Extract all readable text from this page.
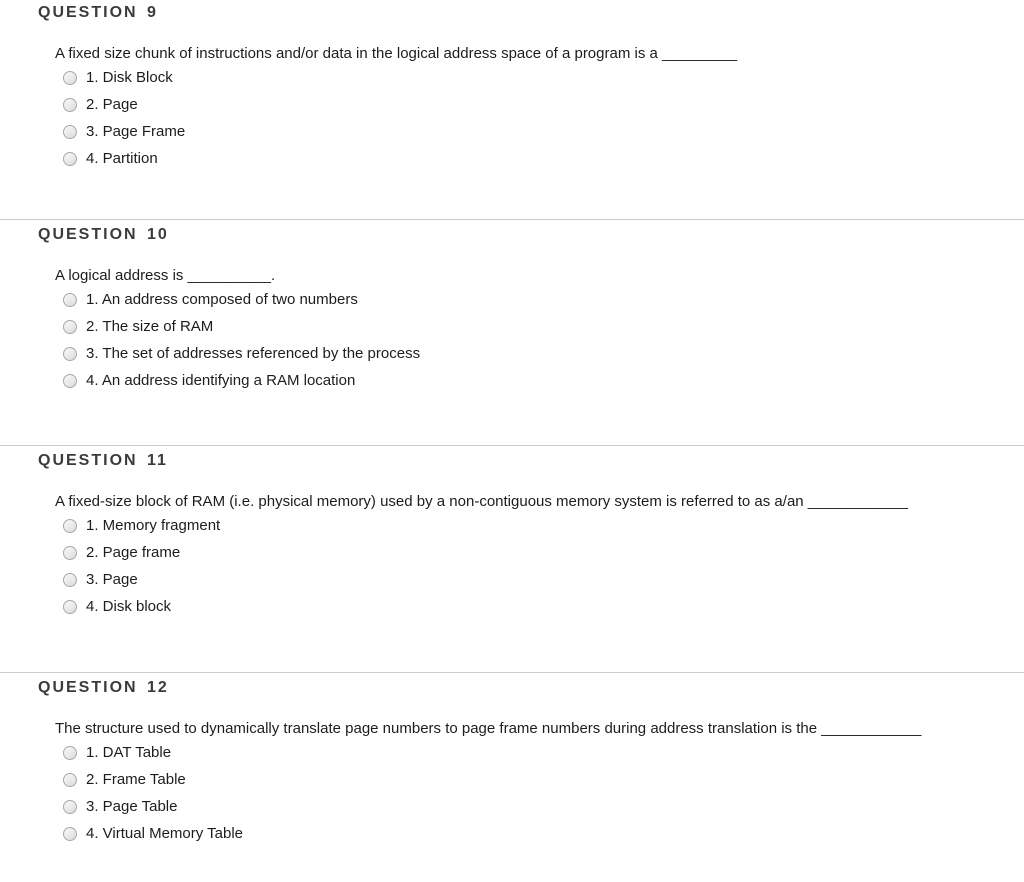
QUESTION 9
A fixed size chunk of instructions and/or data in the logical address space of a program is a _________
1. Disk Block
2. Page
3. Page Frame
4. Partition
QUESTION 10
A logical address is __________.
1. An address composed of two numbers
2. The size of RAM
3. The set of addresses referenced by the process
4. An address identifying a RAM location
QUESTION 11
A fixed-size block of RAM (i.e. physical memory) used by a non-contiguous memory system is referred to as a/an ____________
1. Memory fragment
2. Page frame
3. Page
4. Disk block
QUESTION 12
The structure used to dynamically translate page numbers to page frame numbers during address translation is the ____________
1. DAT Table
2. Frame Table
3. Page Table
4. Virtual Memory Table
